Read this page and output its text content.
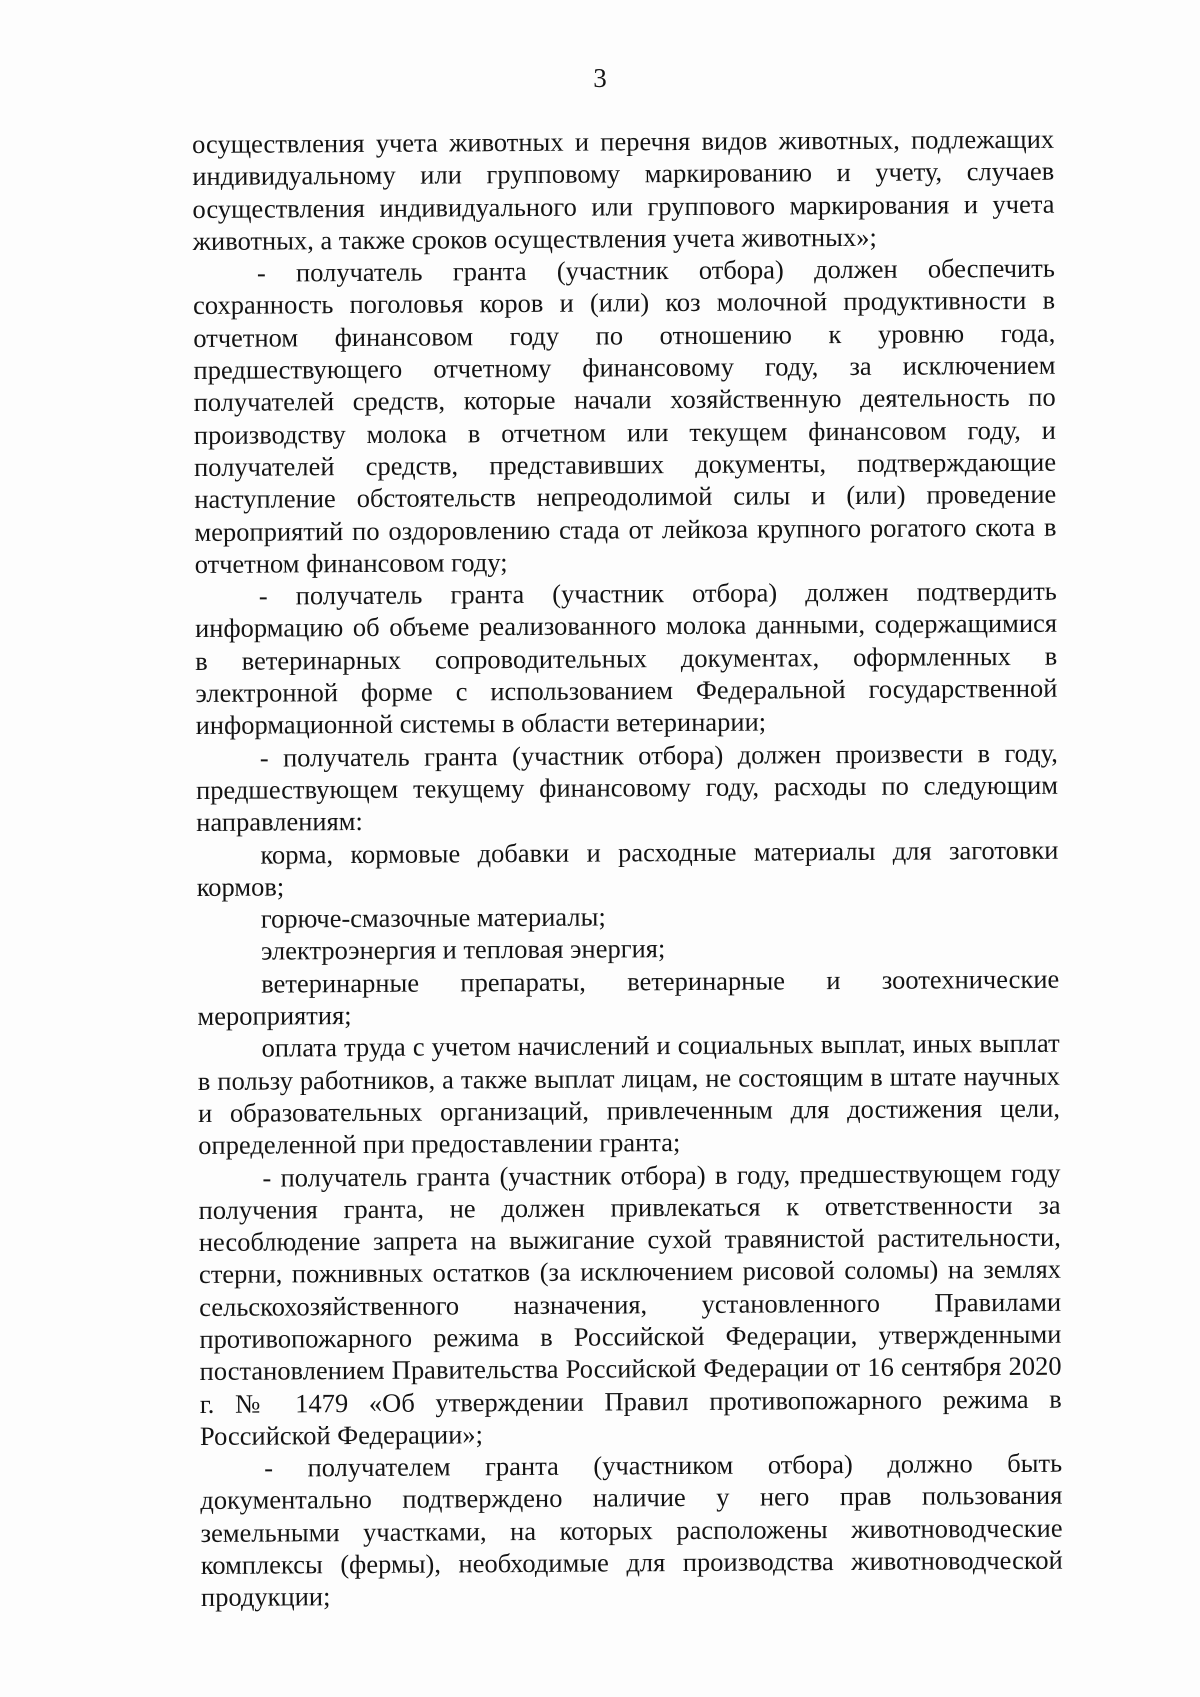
3

осуществления учета животных и перечня видов животных, подлежащих индивидуальному или групповому маркированию и учету, случаев осуществления индивидуального или группового маркирования и учета животных, а также сроков осуществления учета животных»;

- получатель гранта (участник отбора) должен обеспечить сохранность поголовья коров и (или) коз молочной продуктивности в отчетном финансовом году по отношению к уровню года, предшествующего отчетному финансовому году, за исключением получателей средств, которые начали хозяйственную деятельность по производству молока в отчетном или текущем финансовом году, и получателей средств, представивших документы, подтверждающие наступление обстоятельств непреодолимой силы и (или) проведение мероприятий по оздоровлению стада от лейкоза крупного рогатого скота в отчетном финансовом году;

- получатель гранта (участник отбора) должен подтвердить информацию об объеме реализованного молока данными, содержащимися в ветеринарных сопроводительных документах, оформленных в электронной форме с использованием Федеральной государственной информационной системы в области ветеринарии;

- получатель гранта (участник отбора) должен произвести в году, предшествующем текущему финансовому году, расходы по следующим направлениям:

корма, кормовые добавки и расходные материалы для заготовки кормов;

горюче-смазочные материалы;

электроэнергия и тепловая энергия;

ветеринарные препараты, ветеринарные и зоотехнические мероприятия;

оплата труда с учетом начислений и социальных выплат, иных выплат в пользу работников, а также выплат лицам, не состоящим в штате научных и образовательных организаций, привлеченным для достижения цели, определенной при предоставлении гранта;

- получатель гранта (участник отбора) в году, предшествующем году получения гранта, не должен привлекаться к ответственности за несоблюдение запрета на выжигание сухой травянистой растительности, стерни, пожнивных остатков (за исключением рисовой соломы) на землях сельскохозяйственного назначения, установленного Правилами противопожарного режима в Российской Федерации, утвержденными постановлением Правительства Российской Федерации от 16 сентября 2020 г. № 1479 «Об утверждении Правил противопожарного режима в Российской Федерации»;

- получателем гранта (участником отбора) должно быть документально подтверждено наличие у него прав пользования земельными участками, на которых расположены животноводческие комплексы (фермы), необходимые для производства животноводческой продукции;
